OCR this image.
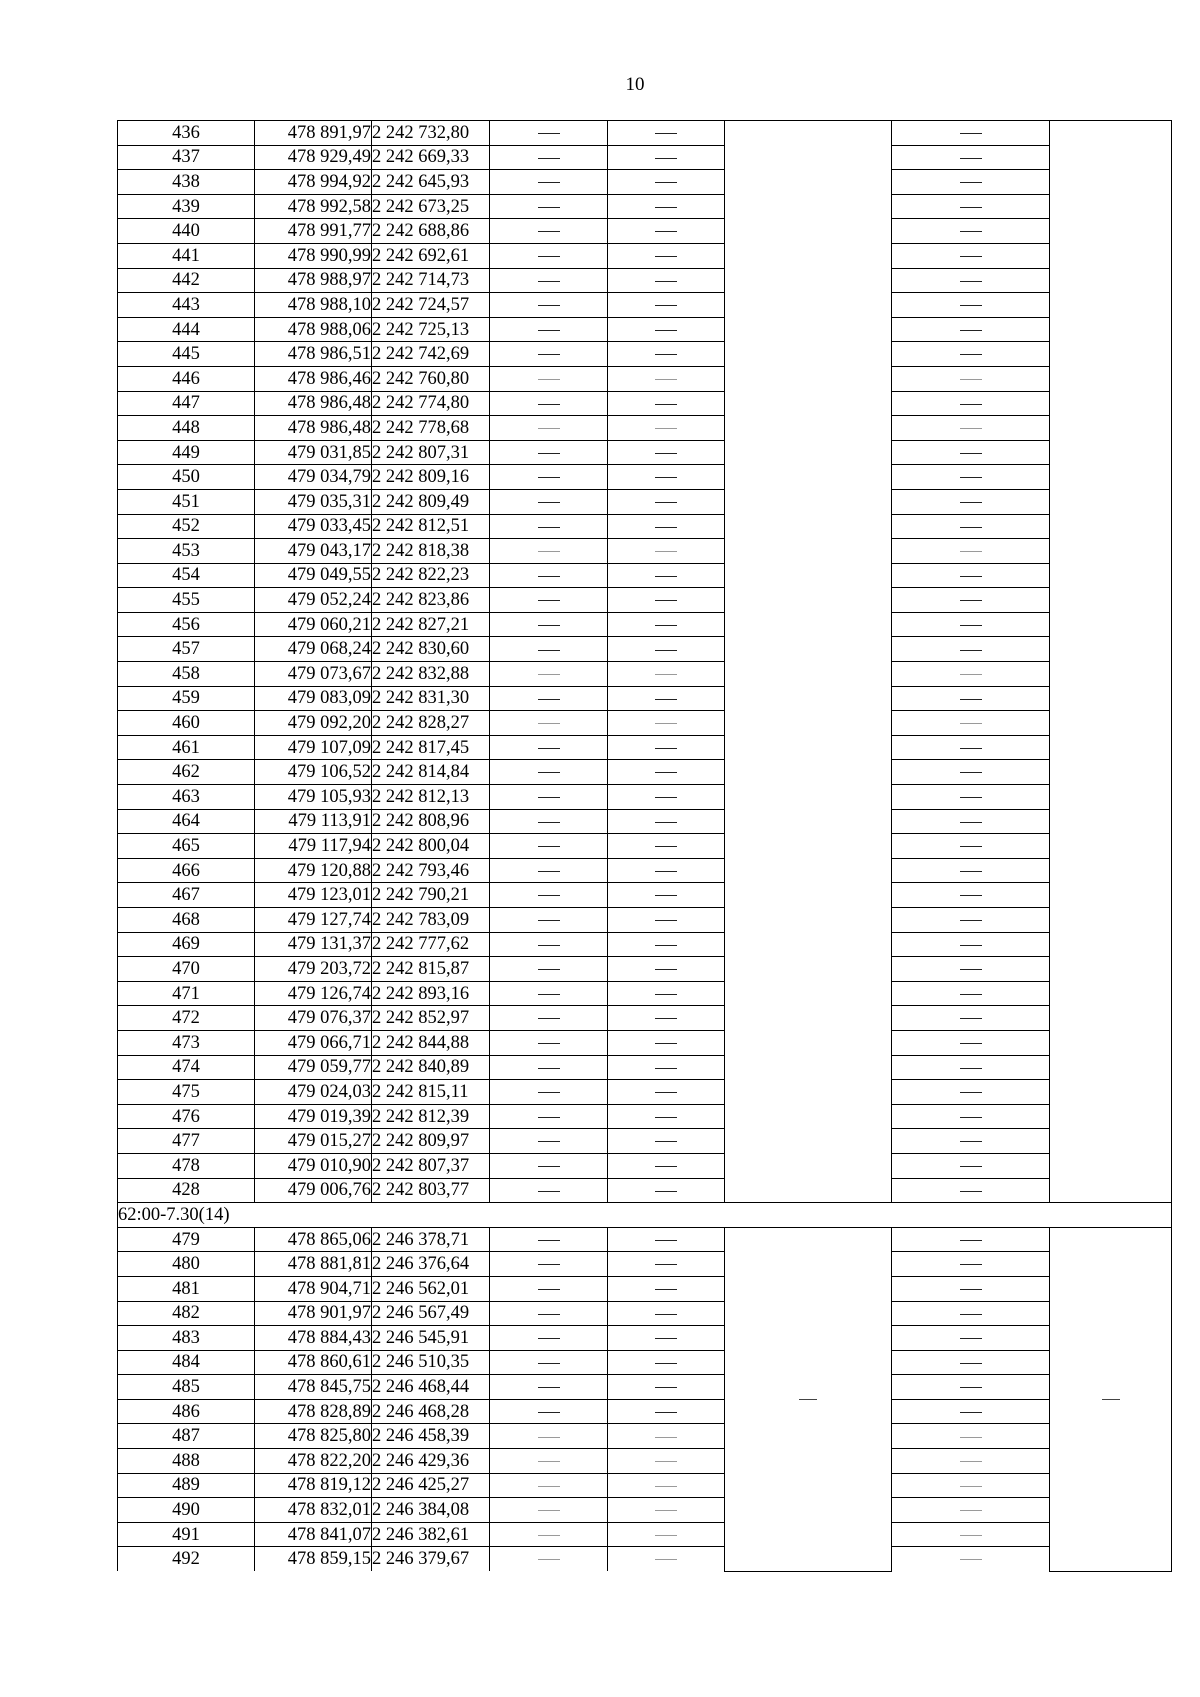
10
436	478 891,97	2 242 732,80					
437	478 929,49	2 242 669,33					
438	478 994,92	2 242 645,93					
439	478 992,58	2 242 673,25					
440	478 991,77	2 242 688,86					
441	478 990,99	2 242 692,61					
442	478 988,97	2 242 714,73					
443	478 988,10	2 242 724,57					
444	478 988,06	2 242 725,13					
445	478 986,51	2 242 742,69					
446	478 986,46	2 242 760,80					
447	478 986,48	2 242 774,80					
448	478 986,48	2 242 778,68					
449	479 031,85	2 242 807,31					
450	479 034,79	2 242 809,16					
451	479 035,31	2 242 809,49					
452	479 033,45	2 242 812,51					
453	479 043,17	2 242 818,38					
454	479 049,55	2 242 822,23					
455	479 052,24	2 242 823,86					
456	479 060,21	2 242 827,21					
457	479 068,24	2 242 830,60					
458	479 073,67	2 242 832,88					
459	479 083,09	2 242 831,30					
460	479 092,20	2 242 828,27					
461	479 107,09	2 242 817,45					
462	479 106,52	2 242 814,84					
463	479 105,93	2 242 812,13					
464	479 113,91	2 242 808,96					
465	479 117,94	2 242 800,04					
466	479 120,88	2 242 793,46					
467	479 123,01	2 242 790,21					
468	479 127,74	2 242 783,09					
469	479 131,37	2 242 777,62					
470	479 203,72	2 242 815,87					
471	479 126,74	2 242 893,16					
472	479 076,37	2 242 852,97					
473	479 066,71	2 242 844,88					
474	479 059,77	2 242 840,89					
475	479 024,03	2 242 815,11					
476	479 019,39	2 242 812,39					
477	479 015,27	2 242 809,97					
478	479 010,90	2 242 807,37					
428	479 006,76	2 242 803,77					
62:00-7.30(14)							
479	478 865,06	2 246 378,71					
480	478 881,81	2 246 376,64					
481	478 904,71	2 246 562,01					
482	478 901,97	2 246 567,49					
483	478 884,43	2 246 545,91					
484	478 860,61	2 246 510,35					
485	478 845,75	2 246 468,44					
486	478 828,89	2 246 468,28					
487	478 825,80	2 246 458,39					
488	478 822,20	2 246 429,36					
489	478 819,12	2 246 425,27					
490	478 832,01	2 246 384,08					
491	478 841,07	2 246 382,61					
492	478 859,15	2 246 379,67					
